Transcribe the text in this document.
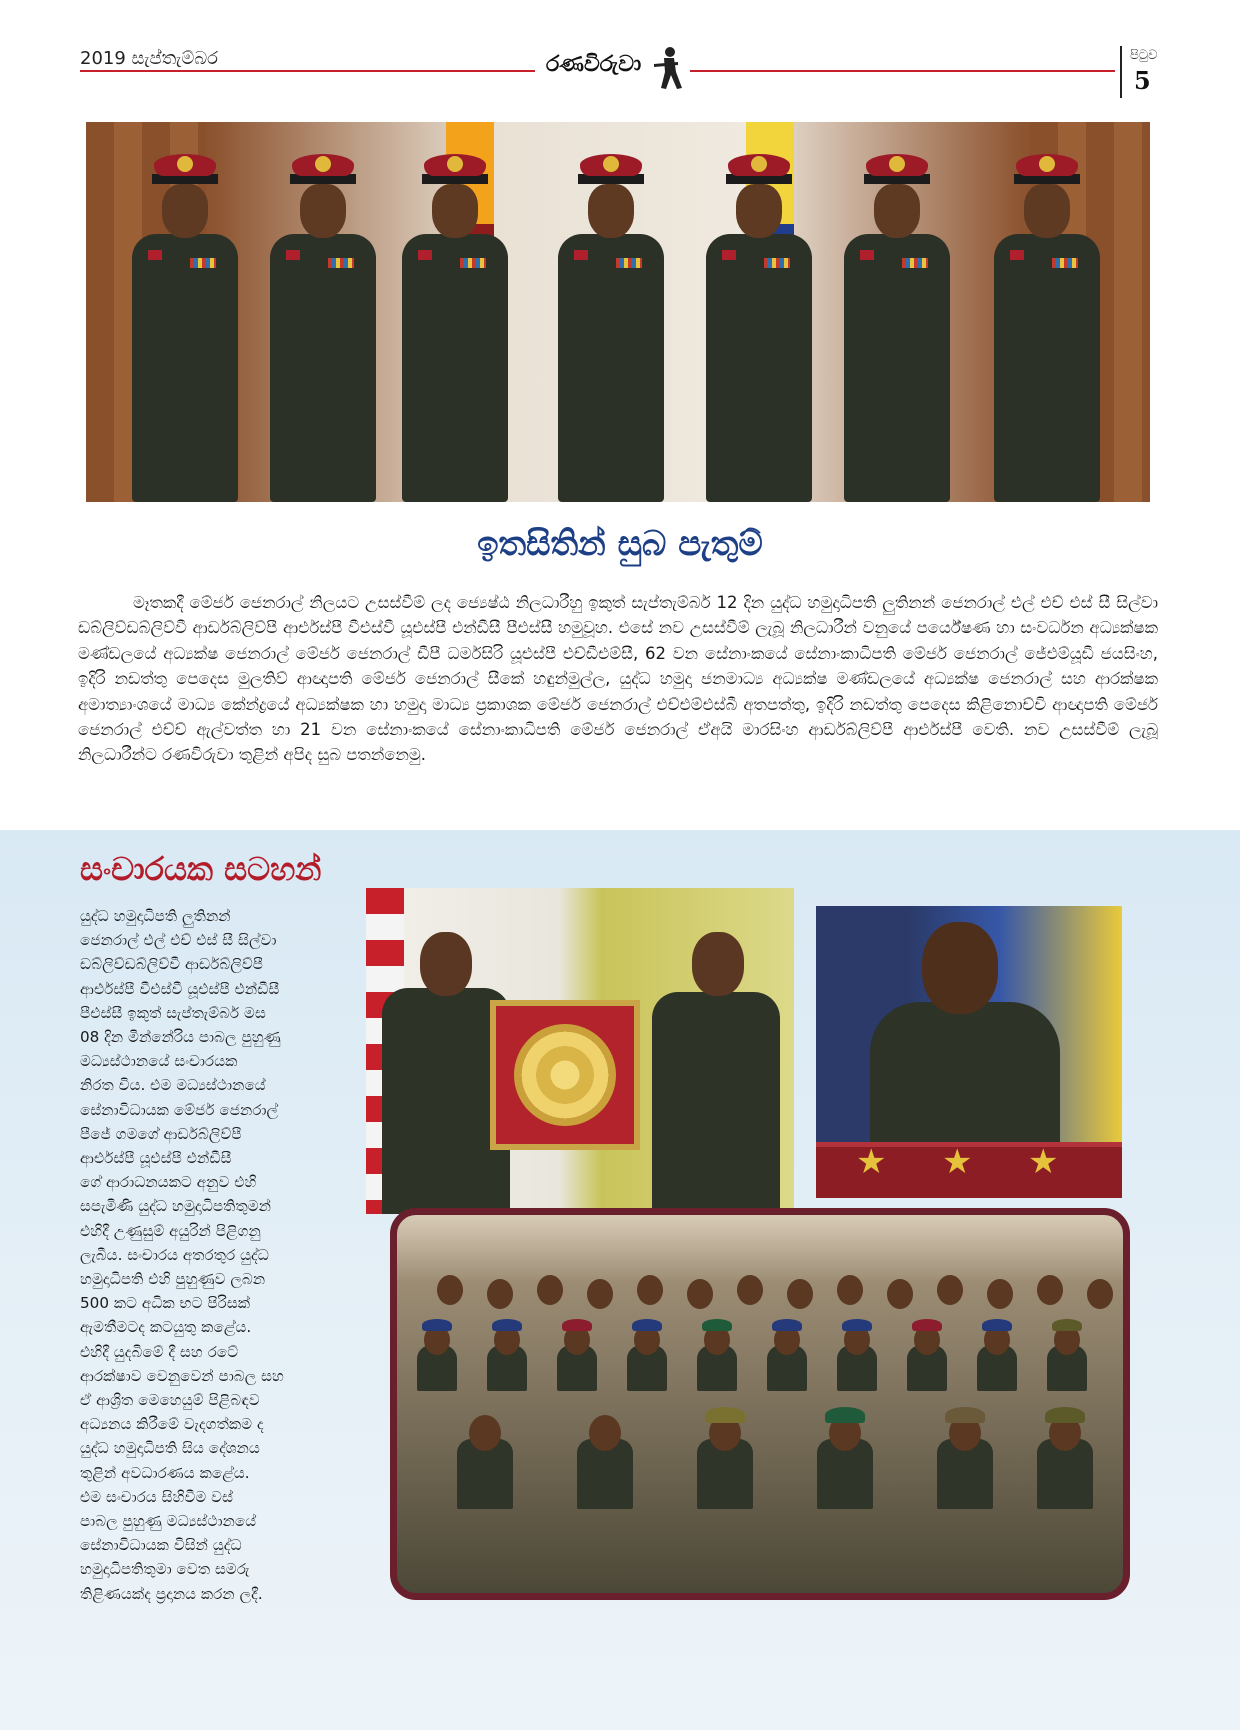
2019 සැප්තැම්බර	රණවිරුවා	පිටුව
5
ඉතසිතින් සුබ පැතුම්
මෑතකදී මේජර් ජෙනරාල් නිලයට උසස්වීම් ලද ජ්‍යෙෂ්ඨ නිලධාරීහු ඉකුත් සැප්තැම්බර් 12 දින යුද්ධ හමුදාධිපති ලුතිනන් ජෙනරාල් එල් එච් එස් සී සිල්වා ඩබ්ලිව්ඩබ්ලිව්වී ආර්ඩබ්ලිව්පී ආර්එස්පී වීඑස්වී යූඑස්පී එන්ඩීසී පීඑස්සී හමුවූහ. එසේ නව උසස්වීම් ලැබූ නිලධාරීන් වනුයේ පර්යේෂණ හා සංවර්ධන අධ්‍යක්ෂක මණ්ඩලයේ අධ්‍යක්ෂ ජෙනරාල් මේජර් ජෙනරාල් ඩීපී ධර්මසිරි යූඑස්පී එච්ඩීඑම්සී, 62 වන සේනාංකයේ සේනාංකාධිපති මේජර් ජෙනරාල් ජේඑම්යූඩී ජයසිංහ, ඉදිරි නඩත්තු පෙදෙස මුලතිව් ආඥාපති මේජර් ජෙනරාල් සීකේ හඳුන්මුල්ල, යුද්ධ හමුදා ජනමාධ්‍ය අධ්‍යක්ෂ මණ්ඩලයේ අධ්‍යක්ෂ ජෙනරාල් සහ ආරක්ෂක අමාත්‍යාංශයේ මාධ්‍ය කේන්ද්‍රයේ අධ්‍යක්ෂක හා හමුදා මාධ්‍ය ප්‍රකාශක මේජර් ජෙනරාල් එච්එම්එස්බී අතපත්තු, ඉදිරි නඩත්තු පෙදෙස කිළිනොච්චි ආඥාපති මේජර් ජෙනරාල් එච්ච් ඇල්වත්ත හා 21 වන සේනාංකයේ සේනාංකාධිපති මේජර් ජෙනරාල් ඒඅයි මාරසිංහ ආර්ඩබ්ලිව්පී ආර්එස්පී වෙති. නව උසස්වීම් ලැබූ නිලධාරීන්ට රණවිරුවා තුළින් අපිද සුබ පතන්නෙමු.
සංචාරයක සටහන්
යුද්ධ හමුදාධිපති ලුතිනන්
ජෙනරාල් එල් එච් එස් සී සිල්වා
ඩබ්ලිව්ඩබ්ලිව්වී ආර්ඩබ්ලිව්පී
ආර්එස්පී වීඑස්වී යූඑස්පී එන්ඩීසී
පීඑස්සී ඉකුත් සැප්තැම්බර් මස
08 දින මින්නේරිය පාබල පුහුණු
මධ්‍යස්ථානයේ සංචාරයක
නිරත විය. එම මධ්‍යස්ථානයේ
සේනාවිධායක මේජර් ජෙනරාල්
පීජේ ගමගේ ආර්ඩබ්ලිව්පී
ආර්එස්පී යූඑස්පී එන්ඩීසී
ගේ ආරාධනයකට අනුව එහි
සපැමිණි යුද්ධ හමුදාධිපතිතුමන්
එහිදී උණුසුම් අයුරින් පිළිගනු
ලැබීය. සංචාරය අතරතුර යුද්ධ
හමුදාධිපති එහි පුහුණුව ලබන
500 කට අධික භට පිරිසක්
ඇමතීමටද කටයුතු කළේය.
එහිදී යුදබිමේ දී සහ රටේ
ආරක්ෂාව වෙනුවෙන් පාබල සහ
ඒ ආශ්‍රිත මෙහෙයුම් පිළිබඳව
අධ්‍යනය කිරීමේ වැදගත්කම ද
යුද්ධ හමුදාධිපති සිය දේශනය
තුළින් අවධාරණය කළේය.
එම සංචාරය සිහිවීම වස්
පාබල පුහුණු මධ්‍යස්ථානයේ
සේනාවිධායක විසින් යුද්ධ
හමුදාධිපතිතුමා වෙත සමරු
තිළිණයක්ද ප්‍රදානය කරන ලදී.
★ ★ ★
